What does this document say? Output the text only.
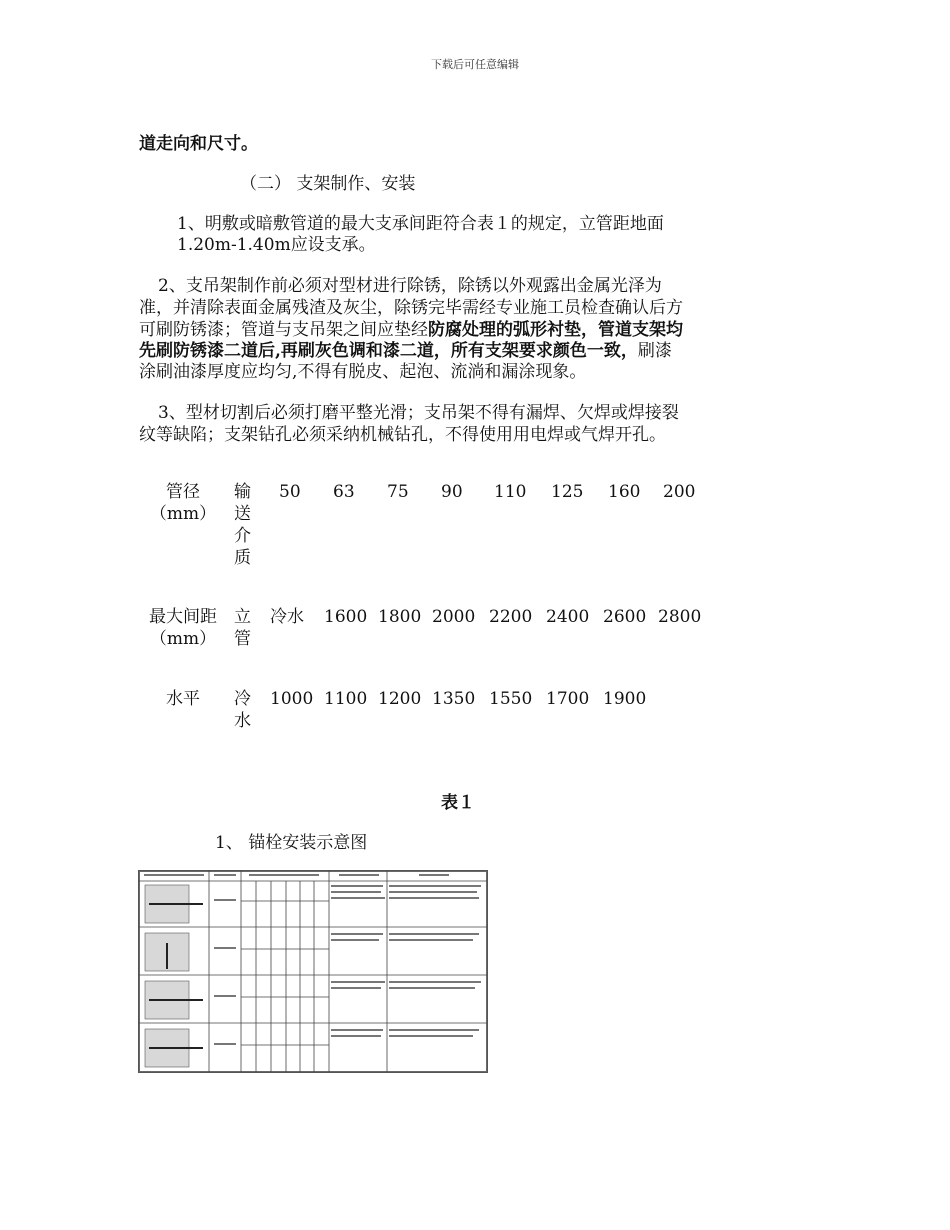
下载后可任意编辑
道走向和尺寸。
（二） 支架制作、安装
1、明敷或暗敷管道的最大支承间距符合表１的规定，立管距地面
1.20m-1.40m应设支承。
2、支吊架制作前必须对型材进行除锈，除锈以外观露出金属光泽为
准，并清除表面金属残渣及灰尘，除锈完毕需经专业施工员检查确认后方
可刷防锈漆；管道与支吊架之间应垫经防腐处理的弧形衬垫，管道支架均
先刷防锈漆二道后,再刷灰色调和漆二道，所有支架要求颜色一致，刷漆
涂刷油漆厚度应均匀,不得有脱皮、起泡、流淌和漏涂现象。
3、型材切割后必须打磨平整光滑；支吊架不得有漏焊、欠焊或焊接裂
纹等缺陷；支架钻孔必须采纳机械钻孔，不得使用用电焊或气焊开孔。
管径
（mm）
输
送
介
质
50 63 75 90 110 125 160 200
最大间距
（mm）
立
管
冷水 1600 1800 2000 2200 2400 2600 2800
水平	冷
水
1000 1100 1200 1350 1550 1700 1900
表１
1、 锚栓安装示意图
